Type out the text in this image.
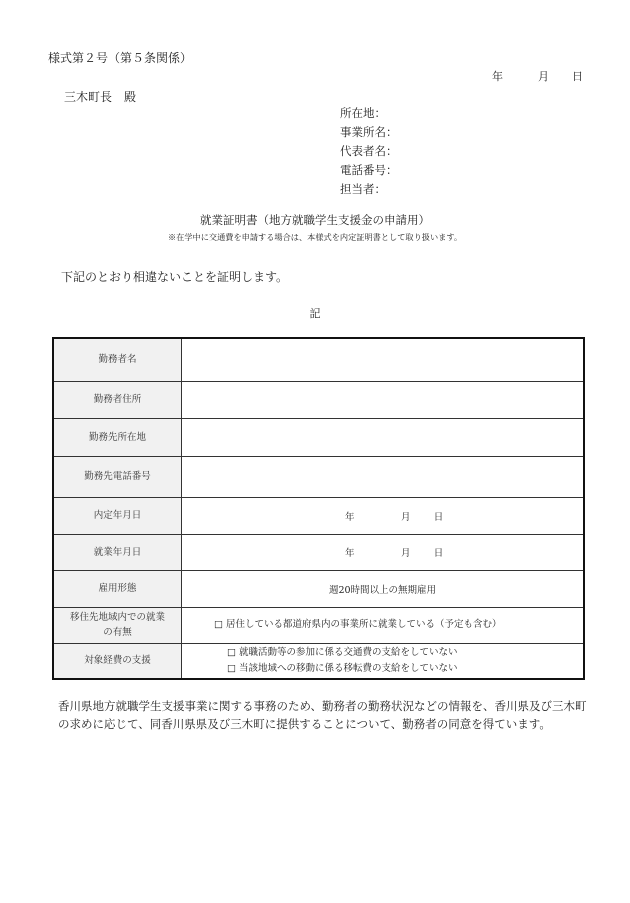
様式第２号（第５条関係）
年	月 日
三木町長　殿
所在地：
事業所名：
代表者名：
電話番号：
担当者：
就業証明書（地方就職学生支援金の申請用）
※在学中に交通費を申請する場合は、本様式を内定証明書として取り扱います。
下記のとおり相違ないことを証明します。
記
勤務者名	
勤務者住所	
勤務先所在地	
勤務先電話番号	
内定年月日	年 月 日
就業年月日	年 月 日
雇用形態	週20時間以上の無期雇用

移住先地域内での就業
の有無	□ 居住している都道府県内の事業所に就業している（予定も含む）
対象経費の支援	□ 就職活動等の参加に係る交通費の支給をしていない
□ 当該地域への移動に係る移転費の支給をしていない
香川県地方就職学生支援事業に関する事務のため、勤務者の勤務状況などの情報を、香川県及び三木町の求めに応じて、同香川県県及び三木町に提供することについて、勤務者の同意を得ています。
